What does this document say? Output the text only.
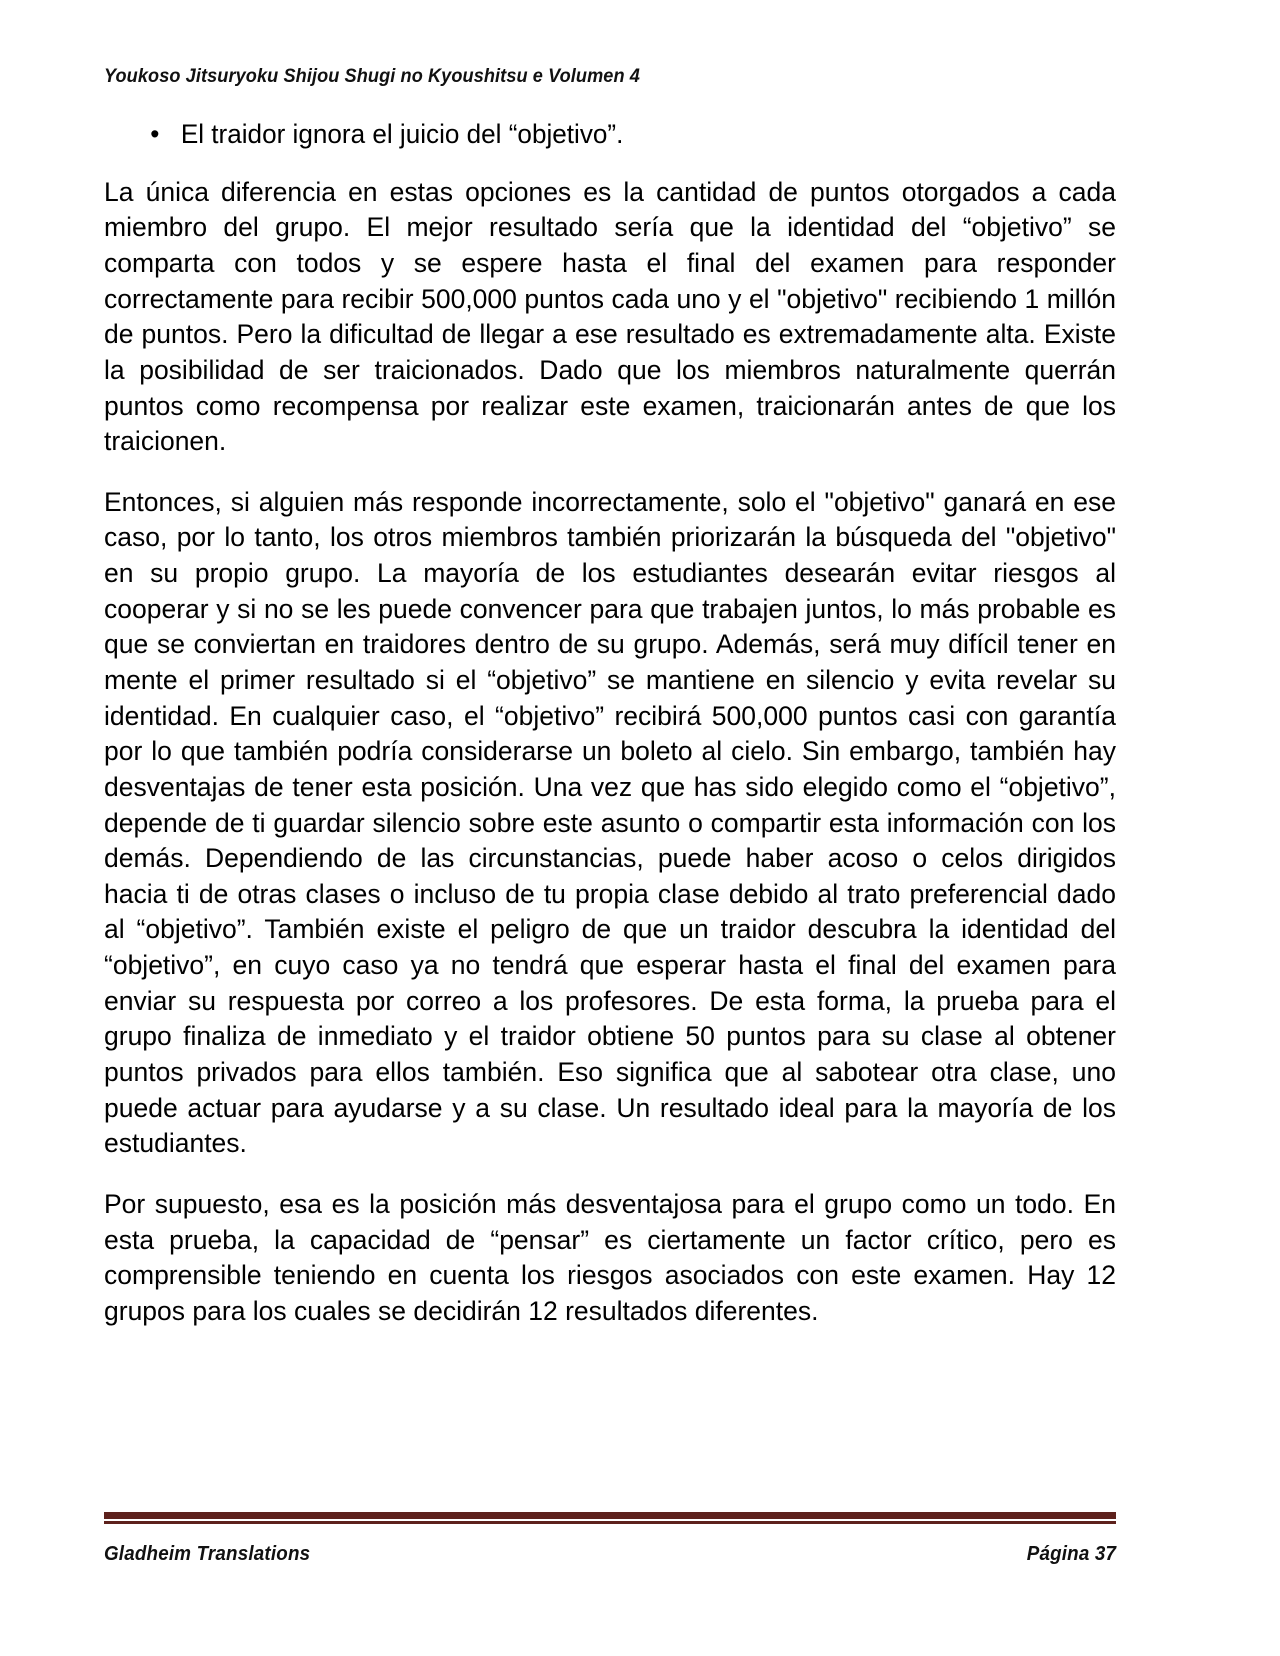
Youkoso Jitsuryoku Shijou Shugi no Kyoushitsu e Volumen 4
• El traidor ignora el juicio del “objetivo”.

La única diferencia en estas opciones es la cantidad de puntos otorgados a cada miembro del grupo. El mejor resultado sería que la identidad del “objetivo” se comparta con todos y se espere hasta el final del examen para responder correctamente para recibir 500,000 puntos cada uno y el "objetivo" recibiendo 1 millón de puntos. Pero la dificultad de llegar a ese resultado es extremadamente alta. Existe la posibilidad de ser traicionados. Dado que los miembros naturalmente querrán puntos como recompensa por realizar este examen, traicionarán antes de que los traicionen.

Entonces, si alguien más responde incorrectamente, solo el "objetivo" ganará en ese caso, por lo tanto, los otros miembros también priorizarán la búsqueda del "objetivo" en su propio grupo. La mayoría de los estudiantes desearán evitar riesgos al cooperar y si no se les puede convencer para que trabajen juntos, lo más probable es que se conviertan en traidores dentro de su grupo. Además, será muy difícil tener en mente el primer resultado si el “objetivo” se mantiene en silencio y evita revelar su identidad. En cualquier caso, el “objetivo” recibirá 500,000 puntos casi con garantía por lo que también podría considerarse un boleto al cielo. Sin embargo, también hay desventajas de tener esta posición. Una vez que has sido elegido como el “objetivo”, depende de ti guardar silencio sobre este asunto o compartir esta información con los demás. Dependiendo de las circunstancias, puede haber acoso o celos dirigidos hacia ti de otras clases o incluso de tu propia clase debido al trato preferencial dado al “objetivo”. También existe el peligro de que un traidor descubra la identidad del “objetivo”, en cuyo caso ya no tendrá que esperar hasta el final del examen para enviar su respuesta por correo a los profesores. De esta forma, la prueba para el grupo finaliza de inmediato y el traidor obtiene 50 puntos para su clase al obtener puntos privados para ellos también. Eso significa que al sabotear otra clase, uno puede actuar para ayudarse y a su clase. Un resultado ideal para la mayoría de los estudiantes.

Por supuesto, esa es la posición más desventajosa para el grupo como un todo. En esta prueba, la capacidad de “pensar” es ciertamente un factor crítico, pero es comprensible teniendo en cuenta los riesgos asociados con este examen. Hay 12 grupos para los cuales se decidirán 12 resultados diferentes.

Gladheim Translations	Página 37
